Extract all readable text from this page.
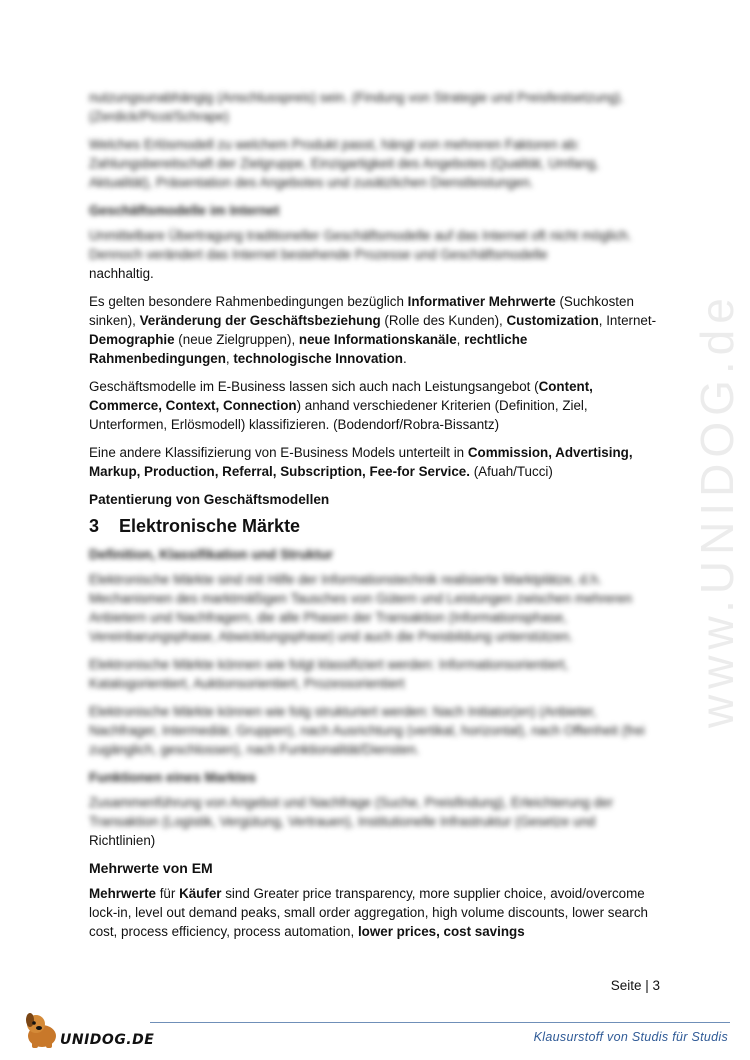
www.UNIDOG.de

nutzungsunabhängig (Anschlusspreis) sein. (Findung von Strategie und Preisfestsetzung). (Zerdick/Picot/Schrape)

Welches Erlösmodell zu welchem Produkt passt, hängt von mehreren Faktoren ab: Zahlungsbereitschaft der Zielgruppe, Einzigartigkeit des Angebotes (Qualität, Umfang, Aktualität), Präsentation des Angebotes und zusätzlichen Dienstleistungen.

Geschäftsmodelle im Internet

Unmittelbare Übertragung traditioneller Geschäftsmodelle auf das Internet oft nicht möglich. Dennoch verändert das Internet bestehende Prozesse und Geschäftsmodelle

nachhaltig.

Es gelten besondere Rahmenbedingungen bezüglich Informativer Mehrwerte (Suchkosten sinken), Veränderung der Geschäftsbeziehung (Rolle des Kunden), Customization, Internet-Demographie (neue Zielgruppen), neue Informationskanäle, rechtliche Rahmenbedingungen, technologische Innovation.

Geschäftsmodelle im E-Business lassen sich auch nach Leistungsangebot (Content, Commerce, Context, Connection) anhand verschiedener Kriterien (Definition, Ziel, Unterformen, Erlösmodell) klassifizieren. (Bodendorf/Robra-Bissantz)

Eine andere Klassifizierung von E-Business Models unterteilt in Commission, Advertising, Markup, Production, Referral, Subscription, Fee-for Service. (Afuah/Tucci)

Patentierung von Geschäftsmodellen
3 Elektronische Märkte
Definition, Klassifikation und Struktur

Elektronische Märkte sind mit Hilfe der Informationstechnik realisierte Marktplätze, d.h. Mechanismen des marktmäßigen Tausches von Gütern und Leistungen zwischen mehreren Anbietern und Nachfragern, die alle Phasen der Transaktion (Informationsphase, Vereinbarungsphase, Abwicklungsphase) und auch die Preisbildung unterstützen.

Elektronische Märkte können wie folgt klassifiziert werden: Informationsorientiert, Katalogorientiert, Auktionsorientiert, Prozessorientiert

Elektronische Märkte können wie folg strukturiert werden: Nach Initiator(en) (Anbieter, Nachfrager, Intermediär, Gruppen), nach Ausrichtung (vertikal, horizontal), nach Offenheit (frei zugänglich, geschlossen), nach Funktionalität/Diensten.

Funktionen eines Marktes
Zusammenführung von Angebot und Nachfrage (Suche, Preisfindung), Erleichterung der
Transaktion (Logistik, Vergütung, Vertrauen), Institutionelle Infrastruktur (Gesetze und

Richtlinien)

Mehrwerte von EM

Mehrwerte für Käufer sind Greater price transparency, more supplier choice, avoid/overcome lock-in, level out demand peaks, small order aggregation, high volume discounts, lower search cost, process efficiency, process automation, lower prices, cost savings

Seite | 3
UNIDOG.DE	Klausurstoff von Studis für Studis
